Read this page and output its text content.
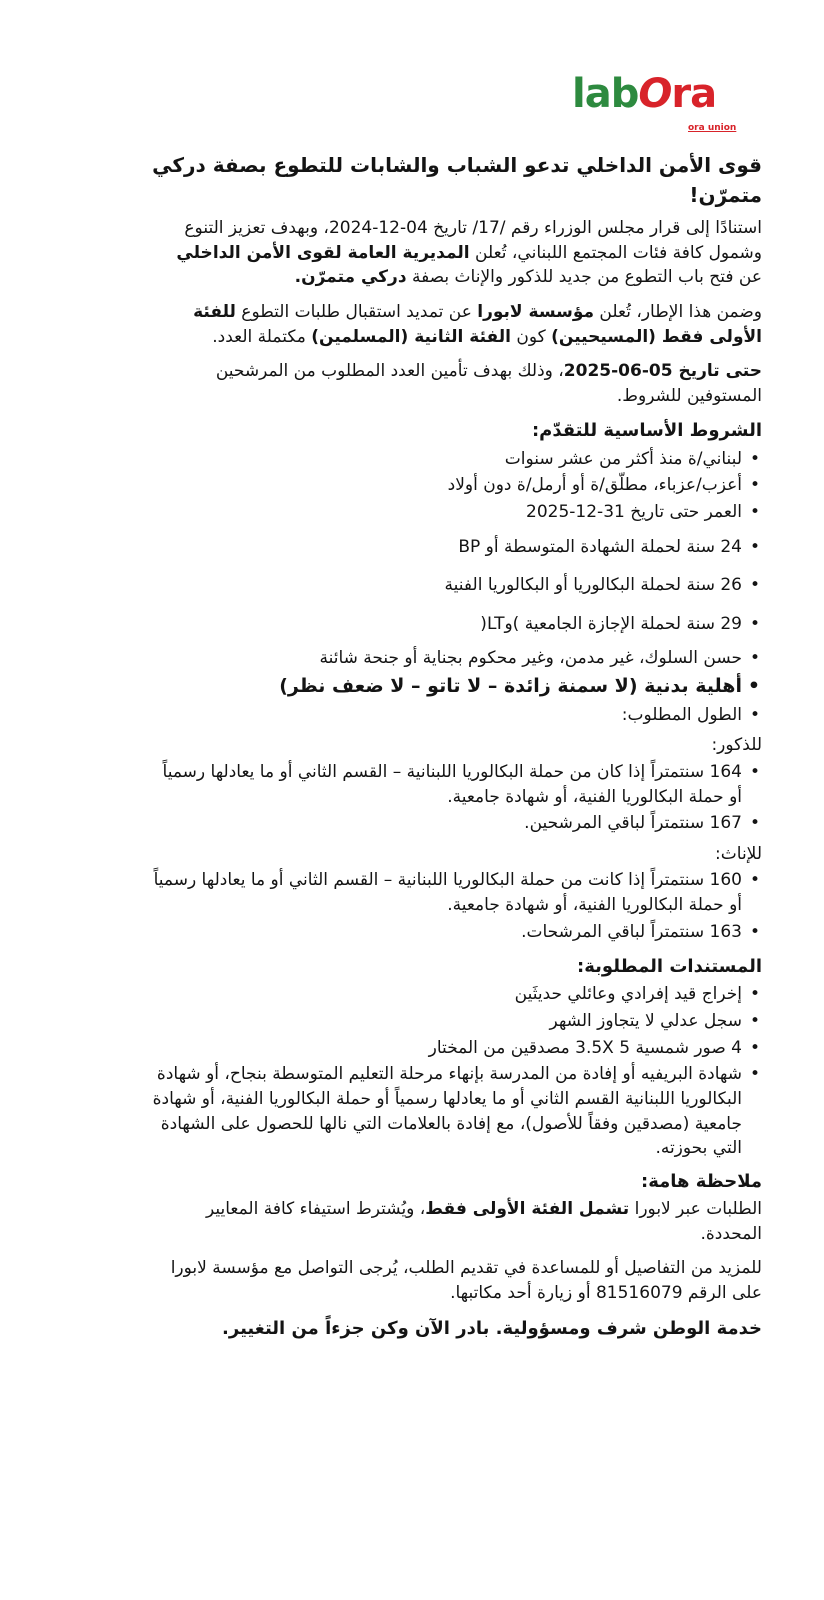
labOra
ora union
قوى الأمن الداخلي تدعو الشباب والشابات للتطوع بصفة دركي متمرّن!

استنادًا إلى قرار مجلس الوزراء رقم /17/ تاريخ 04-12-2024، وبهدف تعزيز التنوع وشمول كافة فئات المجتمع اللبناني، تُعلن المديرية العامة لقوى الأمن الداخلي عن فتح باب التطوع من جديد للذكور والإناث بصفة دركي متمرّن.

وضمن هذا الإطار، تُعلن مؤسسة لابورا عن تمديد استقبال طلبات التطوع للفئة الأولى فقط (المسيحيين) كون الفئة الثانية (المسلمين) مكتملة العدد.

حتى تاريخ 05-06-2025، وذلك بهدف تأمين العدد المطلوب من المرشحين المستوفين للشروط.

الشروط الأساسية للتقدّم:
• لبناني/ة منذ أكثر من عشر سنوات
• أعزب/عزباء، مطلّق/ة أو أرمل/ة دون أولاد
• العمر حتى تاريخ 31-12-2025
• 24 سنة لحملة الشهادة المتوسطة أو BP
• 26 سنة لحملة البكالوريا أو البكالوريا الفنية
• 29 سنة لحملة الإجازة الجامعية )وLT(
• حسن السلوك، غير مدمن، وغير محكوم بجناية أو جنحة شائنة
• أهلية بدنية (لا سمنة زائدة – لا تاتو – لا ضعف نظر)
• الطول المطلوب:
للذكور:
• 164 سنتمتراً إذا كان من حملة البكالوريا اللبنانية – القسم الثاني أو ما يعادلها رسمياً أو حملة البكالوريا الفنية، أو شهادة جامعية.
• 167 سنتمتراً لباقي المرشحين.
للإناث:
• 160 سنتمتراً إذا كانت من حملة البكالوريا اللبنانية – القسم الثاني أو ما يعادلها رسمياً أو حملة البكالوريا الفنية، أو شهادة جامعية.
• 163 سنتمتراً لباقي المرشحات.
المستندات المطلوبة:
• إخراج قيد إفرادي وعائلي حديثَين
• سجل عدلي لا يتجاوز الشهر
• 4 صور شمسية 5 3.5X مصدقين من المختار
• شهادة البريفيه أو إفادة من المدرسة بإنهاء مرحلة التعليم المتوسطة بنجاح، أو شهادة البكالوريا اللبنانية القسم الثاني أو ما يعادلها رسمياً أو حملة البكالوريا الفنية، أو شهادة جامعية (مصدقين وفقاً للأصول)، مع إفادة بالعلامات التي نالها للحصول على الشهادة التي بحوزته.
ملاحظة هامة:

الطلبات عبر لابورا تشمل الفئة الأولى فقط، ويُشترط استيفاء كافة المعايير المحددة.

للمزيد من التفاصيل أو للمساعدة في تقديم الطلب، يُرجى التواصل مع مؤسسة لابورا على الرقم 81516079 أو زيارة أحد مكاتبها.

خدمة الوطن شرف ومسؤولية. بادر الآن وكن جزءاً من التغيير.
